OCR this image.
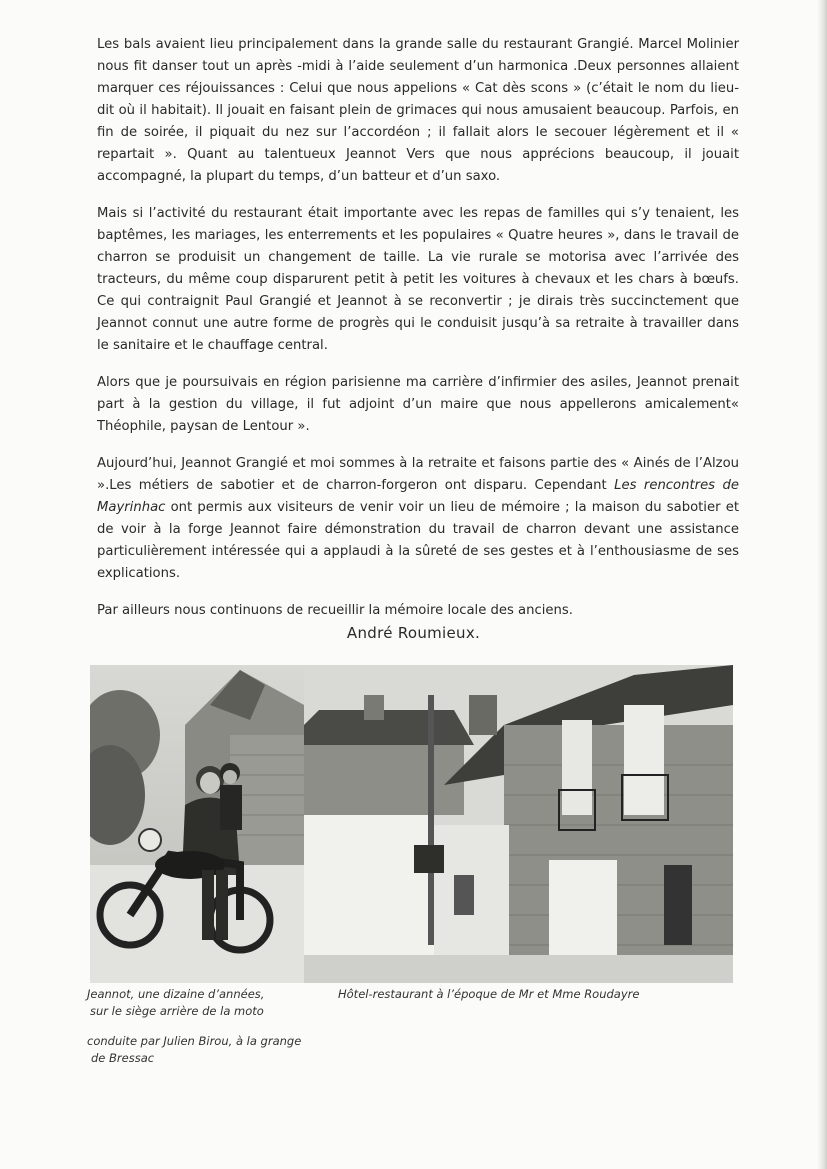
Les bals avaient lieu principalement dans la grande salle du restaurant Grangié. Marcel Molinier nous fit danser tout un après -midi à l’aide seulement d’un harmonica .Deux personnes allaient marquer ces réjouissances : Celui que nous appelions « Cat dès scons » (c’était le nom du lieu- dit où il habitait). Il jouait en faisant plein de grimaces qui nous amusaient beaucoup. Parfois, en fin de soirée, il piquait du nez sur l’accordéon ; il fallait alors le secouer légèrement et il « repartait ». Quant au talentueux Jeannot Vers que nous apprécions beaucoup, il jouait accompagné, la plupart du temps, d’un batteur et d’un saxo.

Mais si l’activité du restaurant était importante avec les repas de familles qui s’y tenaient, les baptêmes, les mariages, les enterrements et les populaires « Quatre heures », dans le travail de charron se produisit un changement de taille. La vie rurale se motorisa avec l’arrivée des tracteurs, du même coup disparurent petit à petit les voitures à chevaux et les chars à bœufs. Ce qui contraignit Paul Grangié et Jeannot à se reconvertir ; je dirais très succinctement que Jeannot connut une autre forme de progrès qui le conduisit jusqu’à sa retraite à travailler dans le sanitaire et le chauffage central.

Alors que je poursuivais en région parisienne ma carrière d’infirmier des asiles, Jeannot prenait part à la gestion du village, il fut adjoint d’un maire que nous appellerons amicalement« Théophile, paysan de Lentour ».

Aujourd’hui, Jeannot Grangié et moi sommes à la retraite et faisons partie des « Ainés de l’Alzou ».Les métiers de sabotier et de charron-forgeron ont disparu. Cependant Les rencontres de Mayrinhac ont permis aux visiteurs de venir voir un lieu de mémoire ; la maison du sabotier et de voir à la forge Jeannot faire démonstration du travail de charron devant une assistance particulièrement intéressée qui a applaudi à la sûreté de ses gestes et à l’enthousiasme de ses explications.

Par ailleurs nous continuons de recueillir la mémoire locale des anciens.

André Roumieux.
Jeannot, une dizaine d’années,
sur le siège arrière de la moto
Hôtel-restaurant à l’époque de Mr et Mme Roudayre
conduite par Julien Birou, à la grange
de Bressac
